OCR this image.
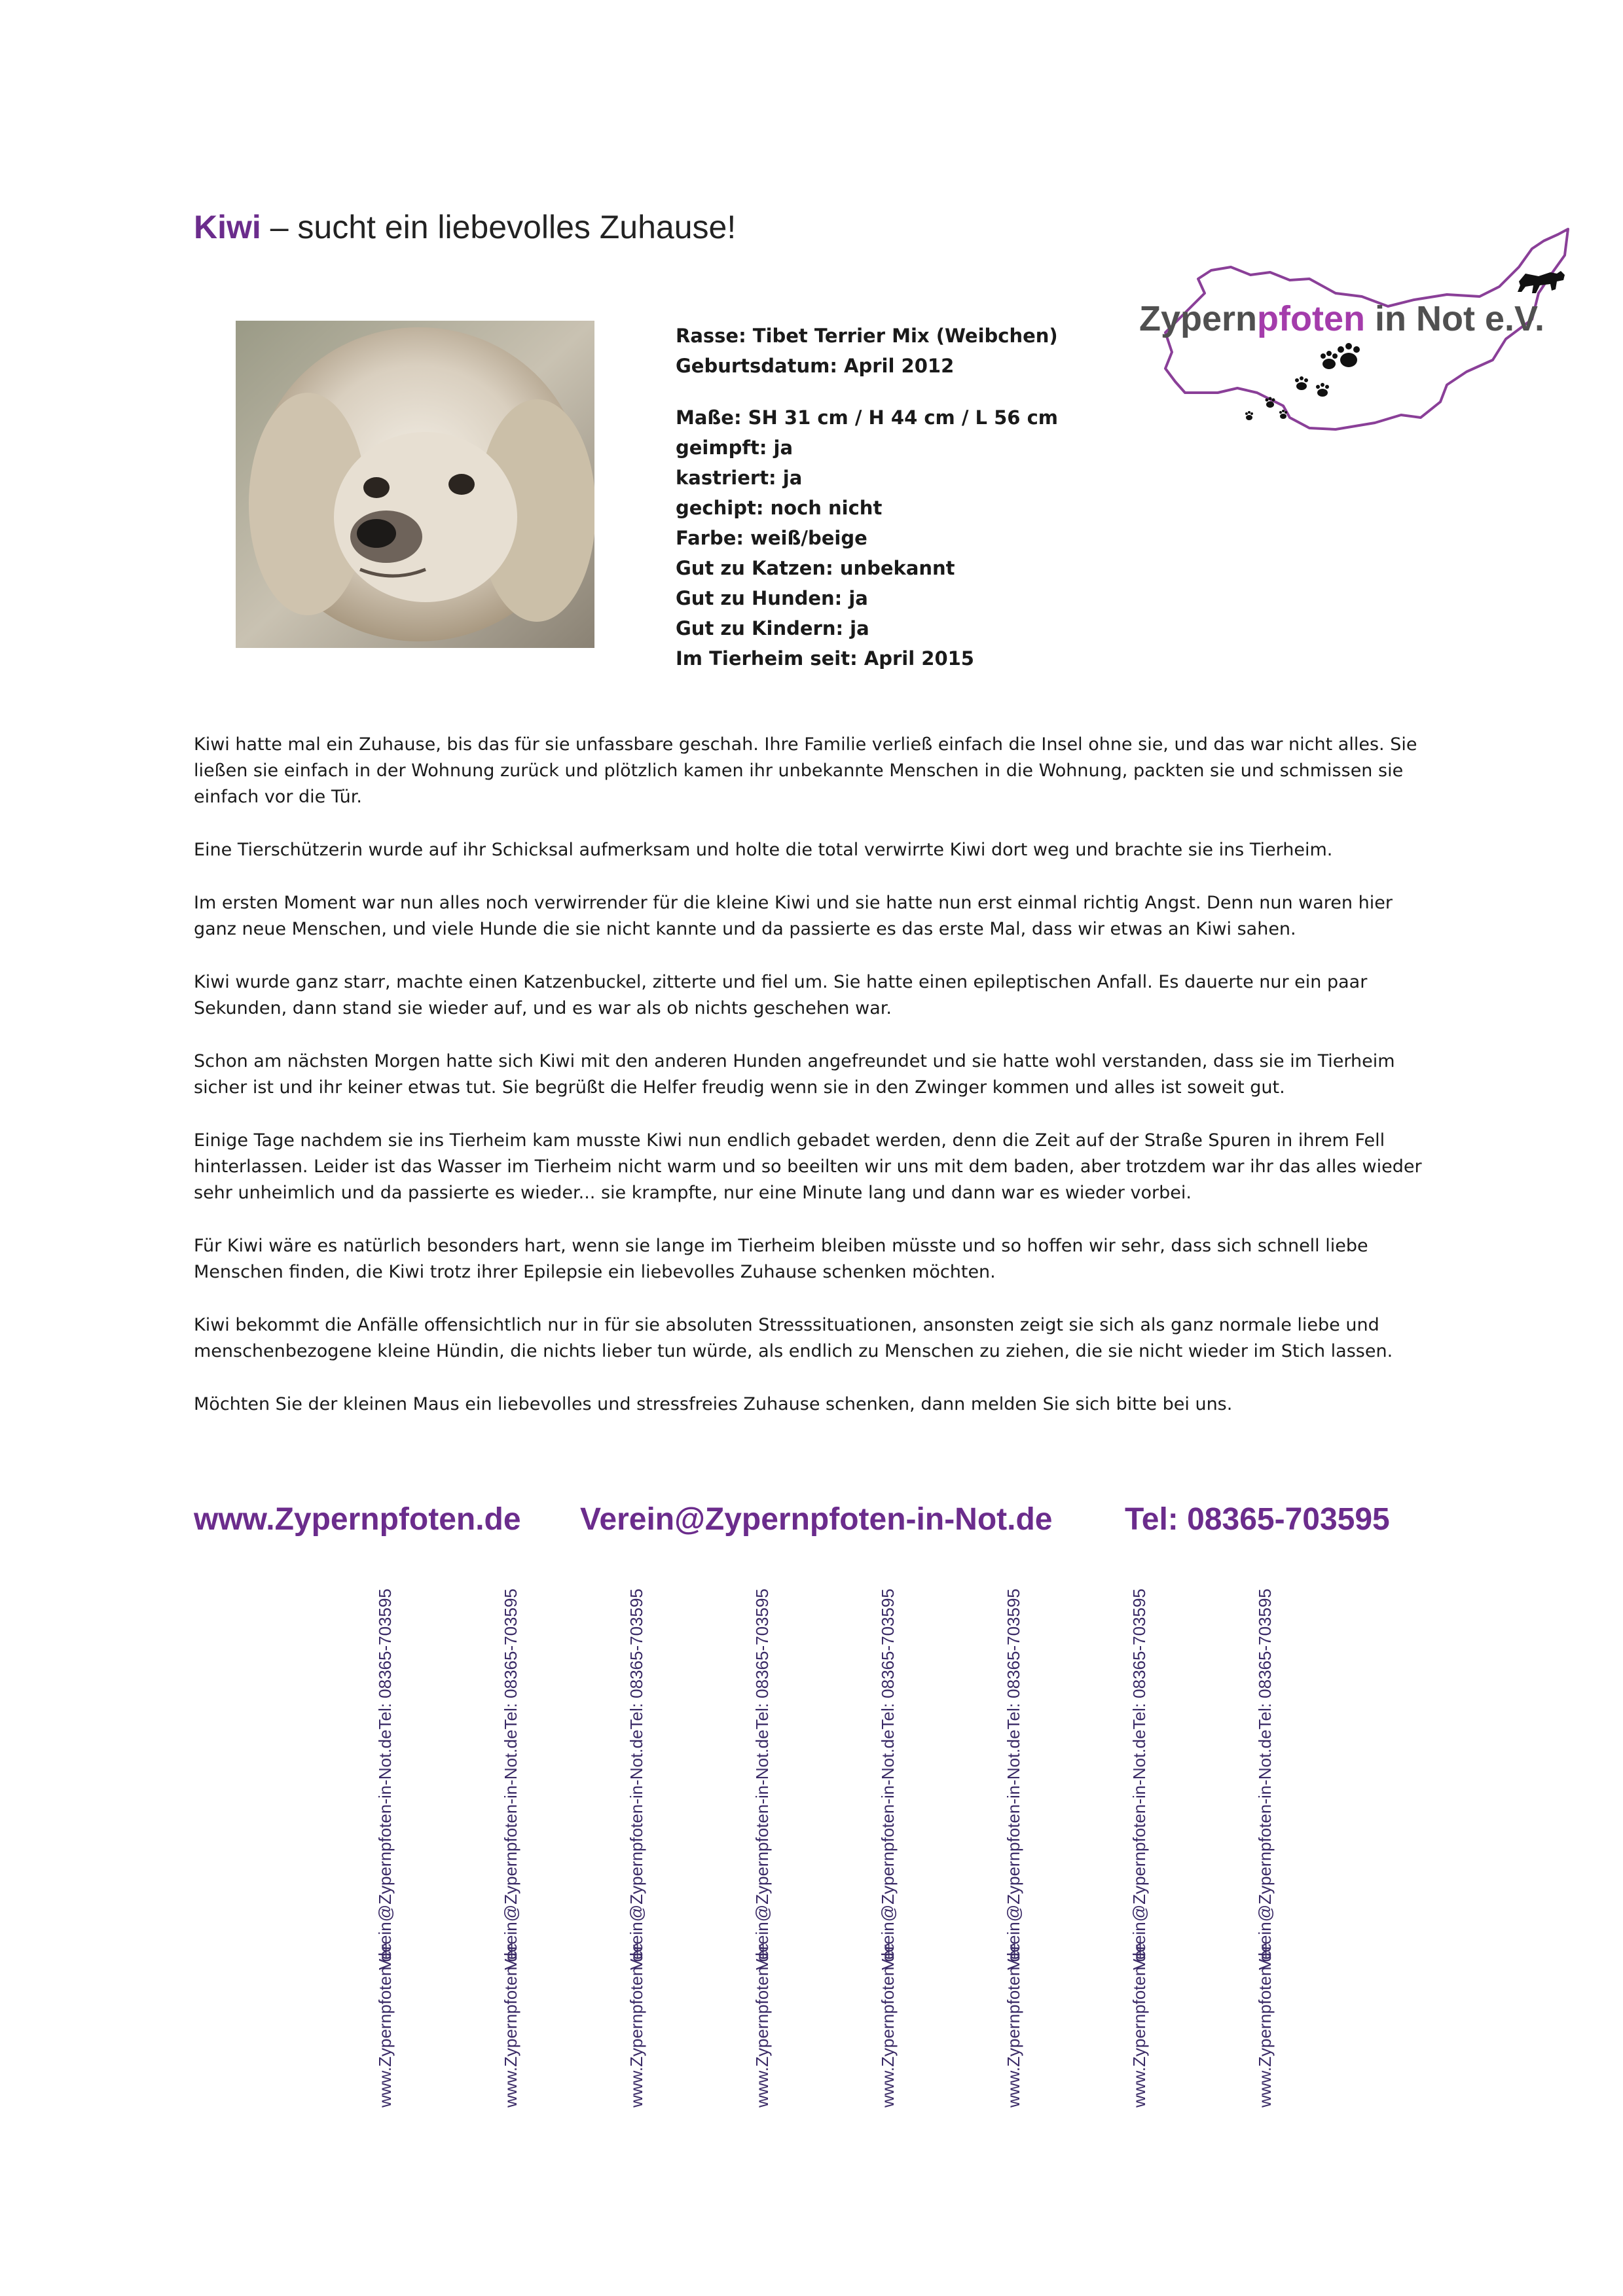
Kiwi – sucht ein liebevolles Zuhause!
Rasse: Tibet Terrier Mix (Weibchen)
Geburtsdatum: April 2012
Maße: SH 31 cm / H 44 cm / L 56 cm
geimpft: ja
kastriert: ja
gechipt: noch nicht
Farbe: weiß/beige
Gut zu Katzen: unbekannt
Gut zu Hunden: ja
Gut zu Kindern: ja
Im Tierheim seit: April 2015
Zypernpfoten in Not e.V.

Kiwi hatte mal ein Zuhause, bis das für sie unfassbare geschah. Ihre Familie verließ einfach die Insel ohne sie, und das war nicht alles. Sie ließen sie einfach in der Wohnung zurück und plötzlich kamen ihr unbekannte Menschen in die Wohnung, packten sie und schmissen sie einfach vor die Tür.

Eine Tierschützerin wurde auf ihr Schicksal aufmerksam und holte die total verwirrte Kiwi dort weg und brachte sie ins Tierheim.

Im ersten Moment war nun alles noch verwirrender für die kleine Kiwi und sie hatte nun erst einmal richtig Angst. Denn nun waren hier ganz neue Menschen, und viele Hunde die sie nicht kannte und da passierte es das erste Mal, dass wir etwas an Kiwi sahen.

Kiwi wurde ganz starr, machte einen Katzenbuckel, zitterte und fiel um. Sie hatte einen epileptischen Anfall. Es dauerte nur ein paar Sekunden, dann stand sie wieder auf, und es war als ob nichts geschehen war.

Schon am nächsten Morgen hatte sich Kiwi mit den anderen Hunden angefreundet und sie hatte wohl verstanden, dass sie im Tierheim sicher ist und ihr keiner etwas tut. Sie begrüßt die Helfer freudig wenn sie in den Zwinger kommen und alles ist soweit gut.

Einige Tage nachdem sie ins Tierheim kam musste Kiwi nun endlich gebadet werden, denn die Zeit auf der Straße Spuren in ihrem Fell hinterlassen. Leider ist das Wasser im Tierheim nicht warm und so beeilten wir uns mit dem baden, aber trotzdem war ihr das alles wieder sehr unheimlich und da passierte es wieder... sie krampfte, nur eine Minute lang und dann war es wieder vorbei.

Für Kiwi wäre es natürlich besonders hart, wenn sie lange im Tierheim bleiben müsste und so hoffen wir sehr, dass sich schnell liebe Menschen finden, die Kiwi trotz ihrer Epilepsie ein liebevolles Zuhause schenken möchten.

Kiwi bekommt die Anfälle offensichtlich nur in für sie absoluten Stresssituationen, ansonsten zeigt sie sich als ganz normale liebe und menschenbezogene kleine Hündin, die nichts lieber tun würde, als endlich zu Menschen zu ziehen, die sie nicht wieder im Stich lassen.

Möchten Sie der kleinen Maus ein liebevolles und stressfreies Zuhause schenken, dann melden Sie sich bitte bei uns.

www.Zypernpfoten.de Verein@Zypernpfoten-in-Not.de Tel: 08365-703595
www.Zypernpfoten.de
Verein@Zypernpfoten-in-Not.de
Tel: 08365-703595
www.Zypernpfoten.de
Verein@Zypernpfoten-in-Not.de
Tel: 08365-703595
www.Zypernpfoten.de
Verein@Zypernpfoten-in-Not.de
Tel: 08365-703595
www.Zypernpfoten.de
Verein@Zypernpfoten-in-Not.de
Tel: 08365-703595
www.Zypernpfoten.de
Verein@Zypernpfoten-in-Not.de
Tel: 08365-703595
www.Zypernpfoten.de
Verein@Zypernpfoten-in-Not.de
Tel: 08365-703595
www.Zypernpfoten.de
Verein@Zypernpfoten-in-Not.de
Tel: 08365-703595
www.Zypernpfoten.de
Verein@Zypernpfoten-in-Not.de
Tel: 08365-703595
